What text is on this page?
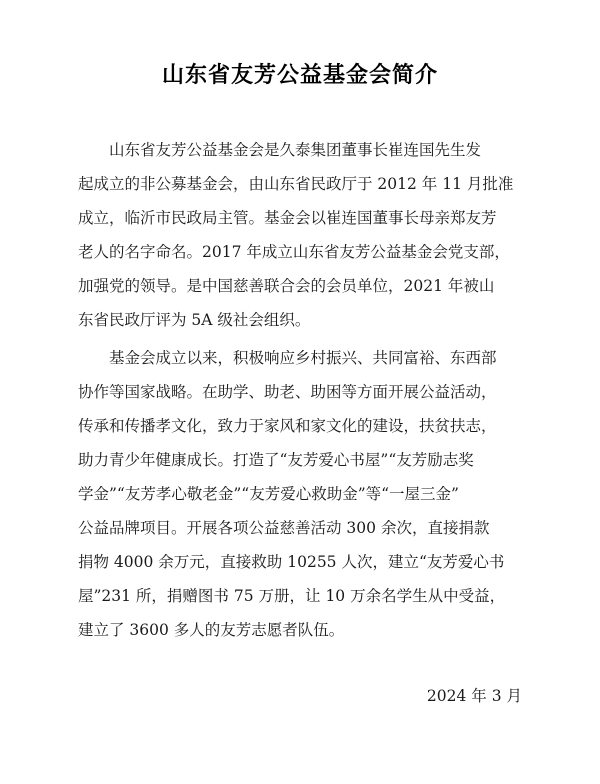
山东省友芳公益基金会简介
　　山东省友芳公益基金会是久泰集团董事长崔连国先生发
起成立的非公募基金会，由山东省民政厅于 2012 年 11 月批准
成立，临沂市民政局主管。基金会以崔连国董事长母亲郑友芳
老人的名字命名。2017 年成立山东省友芳公益基金会党支部，
加强党的领导。是中国慈善联合会的会员单位，2021 年被山
东省民政厅评为 5A 级社会组织。
　　基金会成立以来，积极响应乡村振兴、共同富裕、东西部
协作等国家战略。在助学、助老、助困等方面开展公益活动，
传承和传播孝文化，致力于家风和家文化的建设，扶贫扶志，
助力青少年健康成长。打造了“友芳爱心书屋”“友芳励志奖
学金”“友芳孝心敬老金”“友芳爱心救助金”等“一屋三金”
公益品牌项目。开展各项公益慈善活动 300 余次，直接捐款
捐物 4000 余万元，直接救助 10255 人次，建立“友芳爱心书
屋”231 所，捐赠图书 75 万册，让 10 万余名学生从中受益，
建立了 3600 多人的友芳志愿者队伍。

2024 年 3 月
